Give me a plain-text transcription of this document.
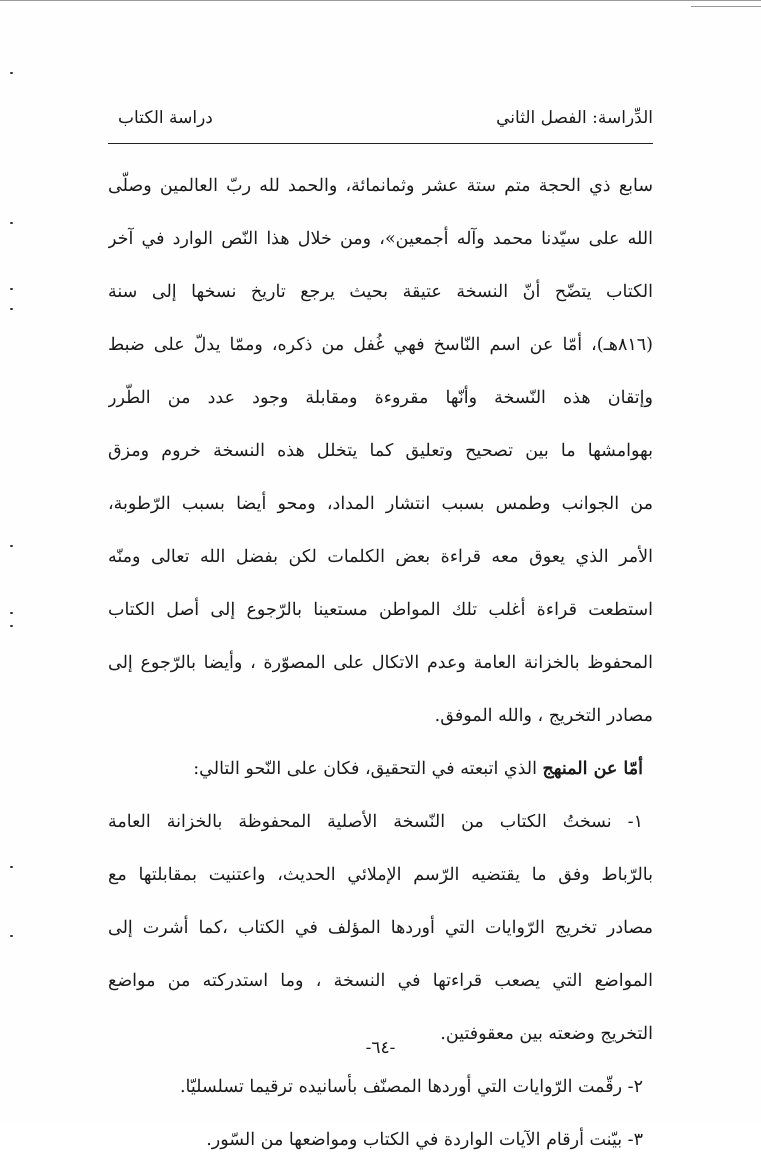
الدِّراسة: الفصل الثاني
دراسة الكتاب
سابع ذي الحجة متم ستة عشر وثمانمائة، والحمد لله ربّ العالمين وصلّى
الله على سيّدنا محمد وآله أجمعين»، ومن خلال هذا النّص الوارد في آخر
الكتاب يتضّح أنّ النسخة عتيقة بحيث يرجع تاريخ نسخها إلى سنة
(٨١٦هـ)، أمّا عن اسم النّاسخ فهي غُفل من ذكره، وممّا يدلّ على ضبط
وإتقان هذه النّسخة وأنّها مقروءة ومقابلة وجود عدد من الطّرر
بهوامشها ما بين تصحيح وتعليق كما يتخلل هذه النسخة خروم ومزق
من الجوانب وطمس بسبب انتشار المداد، ومحو أيضا بسبب الرّطوبة،
الأمر الذي يعوق معه قراءة بعض الكلمات لكن بفضل الله تعالى ومنّه
استطعت قراءة أغلب تلك المواطن مستعينا بالرّجوع إلى أصل الكتاب
المحفوظ بالخزانة العامة وعدم الاتكال على المصوّرة ، وأيضا بالرّجوع إلى
مصادر التخريج ، والله الموفق.
أمّا عن المنهج الذي اتبعته في التحقيق، فكان على النّحو التالي:
١- نسختُ الكتاب من النّسخة الأصلية المحفوظة بالخزانة العامة
بالرّباط وفق ما يقتضيه الرّسم الإملائي الحديث، واعتنيت بمقابلتها مع
مصادر تخريج الرّوايات التي أوردها المؤلف في الكتاب ،كما أشرت إلى
المواضع التي يصعب قراءتها في النسخة ، وما استدركته من مواضع
التخريج وضعته بين معقوفتين.
٢- رقّمت الرّوايات التي أوردها المصنّف بأسانيده ترقيما تسلسليّا.
٣- بيّنت أرقام الآيات الواردة في الكتاب ومواضعها من السّور.
-٦٤-
